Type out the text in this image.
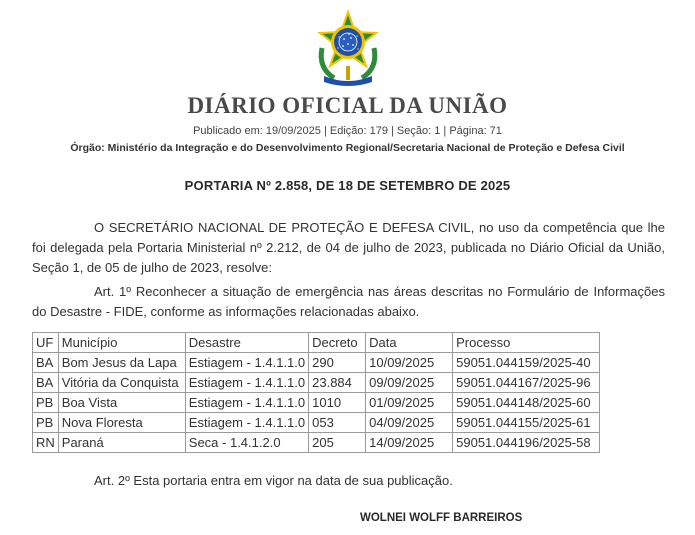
DIÁRIO OFICIAL DA UNIÃO
Publicado em: 19/09/2025 | Edição: 179 | Seção: 1 | Página: 71
Órgão: Ministério da Integração e do Desenvolvimento Regional/Secretaria Nacional de Proteção e Defesa Civil
PORTARIA Nº 2.858, DE 18 DE SETEMBRO DE 2025
O SECRETÁRIO NACIONAL DE PROTEÇÃO E DEFESA CIVIL, no uso da competência que lhe foi delegada pela Portaria Ministerial nº 2.212, de 04 de julho de 2023, publicada no Diário Oficial da União, Seção 1, de 05 de julho de 2023, resolve:
Art. 1º Reconhecer a situação de emergência nas áreas descritas no Formulário de Informações do Desastre - FIDE, conforme as informações relacionadas abaixo.
UF	Município	Desastre	Decreto	Data	Processo
BA	Bom Jesus da Lapa	Estiagem - 1.4.1.1.0	290	10/09/2025	59051.044159/2025-40
BA	Vitória da Conquista	Estiagem - 1.4.1.1.0	23.884	09/09/2025	59051.044167/2025-96
PB	Boa Vista	Estiagem - 1.4.1.1.0	1010	01/09/2025	59051.044148/2025-60
PB	Nova Floresta	Estiagem - 1.4.1.1.0	053	04/09/2025	59051.044155/2025-61
RN	Paraná	Seca - 1.4.1.2.0	205	14/09/2025	59051.044196/2025-58
Art. 2º Esta portaria entra em vigor na data de sua publicação.
WOLNEI WOLFF BARREIROS
